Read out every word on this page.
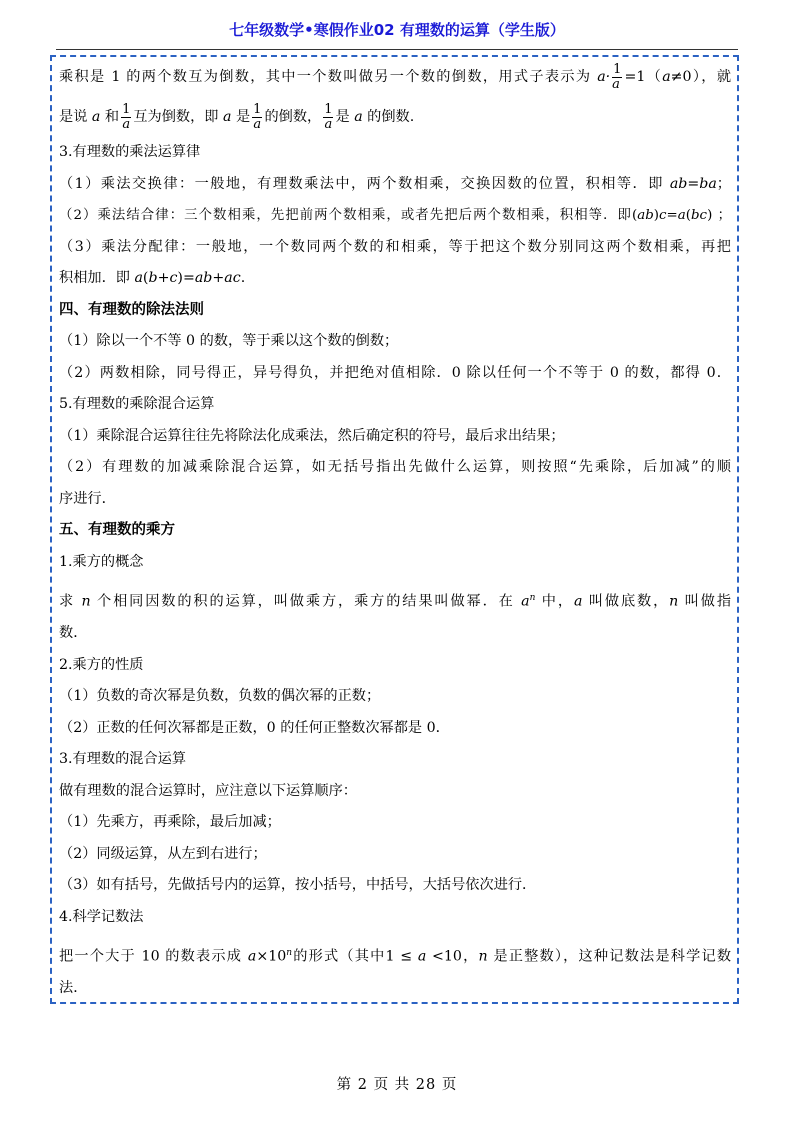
七年级数学•寒假作业02 有理数的运算（学生版）
乘积是 1 的两个数互为倒数，其中一个数叫做另一个数的倒数，用式子表示为 $a\cdot \frac{1}{a} =1(a\ne 0)$，就
是说 a 和 $\frac{1}{a}$ 互为倒数，即 a 是 $\frac{1}{a}$ 的倒数， $\frac{1}{a}$ 是 a 的倒数.
3.有理数的乘法运算律
（1）乘法交换律：一般地，有理数乘法中，两个数相乘，交换因数的位置，积相等．即 ab=ba；
（2）乘法结合律：三个数相乘，先把前两个数相乘，或者先把后两个数相乘，积相等．即(ab)c=a(bc) ；
（3）乘法分配律：一般地，一个数同两个数的和相乘，等于把这个数分别同这两个数相乘，再把
积相加．即 a(b+c)=ab+ac.
四、有理数的除法法则
（1）除以一个不等 0 的数，等于乘以这个数的倒数；
（2）两数相除，同号得正，异号得负，并把绝对值相除．0 除以任何一个不等于 0 的数，都得 0．
5.有理数的乘除混合运算
（1）乘除混合运算往往先将除法化成乘法，然后确定积的符号，最后求出结果；
（2）有理数的加减乘除混合运算，如无括号指出先做什么运算，则按照“先乘除，后加减”的顺
序进行．
五、有理数的乘方
1.乘方的概念
求 n 个相同因数的积的运算，叫做乘方，乘方的结果叫做幂．在 $a^n$ 中，a 叫做底数，n 叫做指
数．
2.乘方的性质
（1）负数的奇次幂是负数，负数的偶次幂的正数；
（2）正数的任何次幂都是正数，0 的任何正整数次幂都是 0．
3.有理数的混合运算
做有理数的混合运算时，应注意以下运算顺序：
（1）先乘方，再乘除，最后加减；
（2）同级运算，从左到右进行；
（3）如有括号，先做括号内的运算，按小括号，中括号，大括号依次进行．
4.科学记数法
把一个大于 10 的数表示成 $a\times 10^n$的形式（其中1 ≤ a <10，n 是正整数），这种记数法是科学记数
法．
第 2 页 共 28 页
